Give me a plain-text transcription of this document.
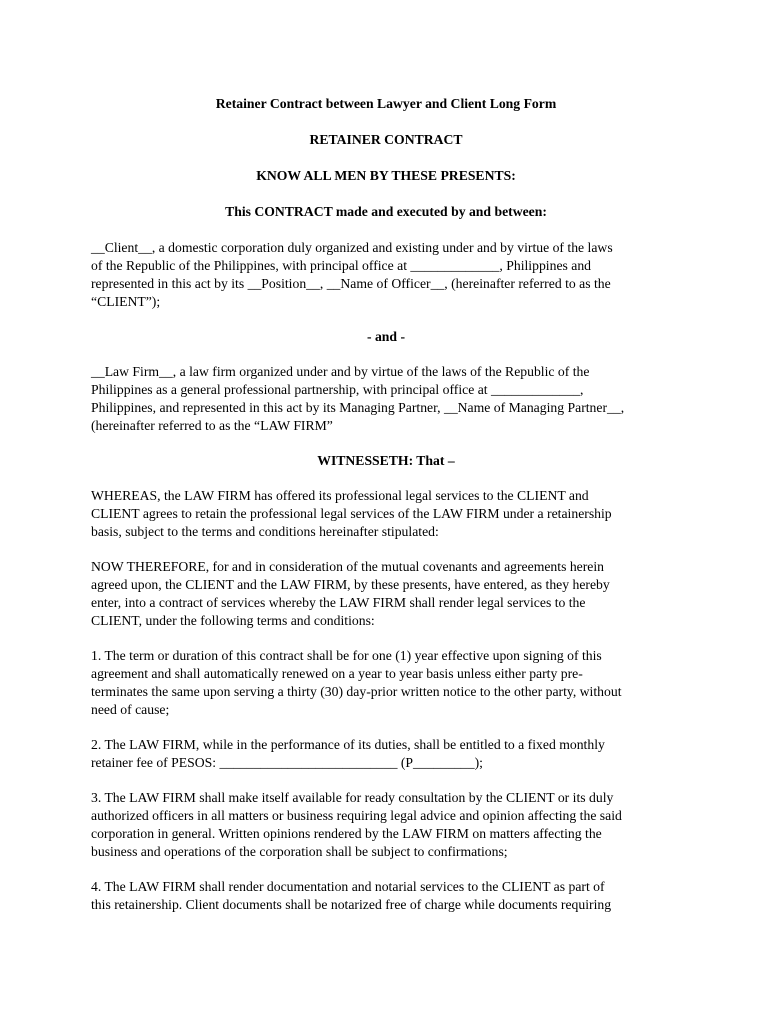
Retainer Contract between Lawyer and Client Long Form

RETAINER CONTRACT

KNOW ALL MEN BY THESE PRESENTS:

This CONTRACT made and executed by and between:

__Client__, a domestic corporation duly organized and existing under and by virtue of the laws
of the Republic of the Philippines, with principal office at _____________, Philippines and
represented in this act by its __Position__, __Name of Officer__, (hereinafter referred to as the
“CLIENT”);

- and -

__Law Firm__, a law firm organized under and by virtue of the laws of the Republic of the
Philippines as a general professional partnership, with principal office at _____________,
Philippines, and represented in this act by its Managing Partner, __Name of Managing Partner__,
(hereinafter referred to as the “LAW FIRM”

WITNESSETH: That –

WHEREAS, the LAW FIRM has offered its professional legal services to the CLIENT and
CLIENT agrees to retain the professional legal services of the LAW FIRM under a retainership
basis, subject to the terms and conditions hereinafter stipulated:

NOW THEREFORE, for and in consideration of the mutual covenants and agreements herein
agreed upon, the CLIENT and the LAW FIRM, by these presents, have entered, as they hereby
enter, into a contract of services whereby the LAW FIRM shall render legal services to the
CLIENT, under the following terms and conditions:

1. The term or duration of this contract shall be for one (1) year effective upon signing of this
agreement and shall automatically renewed on a year to year basis unless either party pre-
terminates the same upon serving a thirty (30) day-prior written notice to the other party, without
need of cause;

2. The LAW FIRM, while in the performance of its duties, shall be entitled to a fixed monthly
retainer fee of PESOS: __________________________ (P_________);

3. The LAW FIRM shall make itself available for ready consultation by the CLIENT or its duly
authorized officers in all matters or business requiring legal advice and opinion affecting the said
corporation in general. Written opinions rendered by the LAW FIRM on matters affecting the
business and operations of the corporation shall be subject to confirmations;

4. The LAW FIRM shall render documentation and notarial services to the CLIENT as part of
this retainership. Client documents shall be notarized free of charge while documents requiring
